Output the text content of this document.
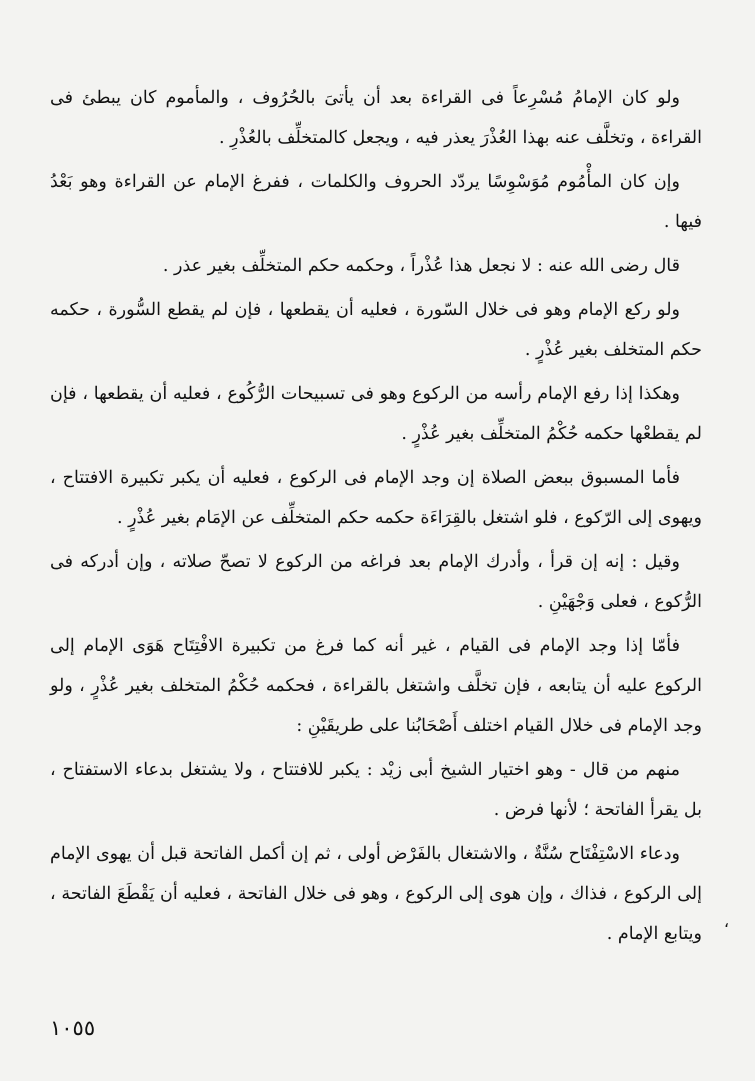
ولو كان الإمامُ مُسْرِعاً فى القراءة بعد أن يأتىَ بالحُرُوف ، والمأموم كان يبطئ فى القراءة ، وتخلَّف عنه بهذا العُذْرَ يعذر فيه ، ويجعل كالمتخلِّف بالعُذْرِ .

وإن كان المأْمُوم مُوَسْوِسًا يردّد الحروف والكلمات ، ففرغ الإمام عن القراءة وهو بَعْدُ فيها .

قال رضى الله عنه : لا نجعل هذا عُذْراً ، وحكمه حكم المتخلِّف بغير عذر .

ولو ركع الإمام وهو فى خلال السّورة ، فعليه أن يقطعها ، فإن لم يقطع السُّورة ، حكمه حكم المتخلف بغير عُذْرٍ .

وهكذا إذا رفع الإمام رأسه من الركوع وهو فى تسبيحات الرُّكُوع ، فعليه أن يقطعها ، فإن لم يقطعْها حكمه حُكْمُ المتخلِّف بغير عُذْرٍ .

فأما المسبوق ببعض الصلاة إن وجد الإمام فى الركوع ، فعليه أن يكبر تكبيرة الافتتاح ، ويهوى إلى الرّكوع ، فلو اشتغل بالقِرَاءَة حكمه حكم المتخلِّف عن الإمَام بغير عُذْرٍ .

وقيل : إنه إن قرأ ، وأدرك الإمام بعد فراغه من الركوع لا تصحّ صلاته ، وإن أدركه فى الرُّكوع ، فعلى وَجْهَيْنِ .

فأمّا إذا وجد الإمام فى القيام ، غير أنه كما فرغ من تكبيرة الافْتِتَاح هَوَى الإمام إلى الركوع عليه أن يتابعه ، فإن تخلَّف واشتغل بالقراءة ، فحكمه حُكْمُ المتخلف بغير عُذْرٍ ، ولو وجد الإمام فى خلال القيام اختلف أَصْحَابُنا على طريقَيْنِ :

منهم من قال - وهو اختيار الشيخ أبى زيْد : يكبر للافتتاح ، ولا يشتغل بدعاء الاستفتاح ، بل يقرأ الفاتحة ؛ لأنها فرض .

ودعاء الاسْتِفْتَاح سُنَّةٌ ، والاشتغال بالفَرْض أولى ، ثم إن أكمل الفاتحة قبل أن يهوى الإمام إلى الركوع ، فذاك ، وإن هوى إلى الركوع ، وهو فى خلال الفاتحة ، فعليه أن يَقْطَعَ الفاتحة ، ويتابع الإمام .

،
١٠٥٥
